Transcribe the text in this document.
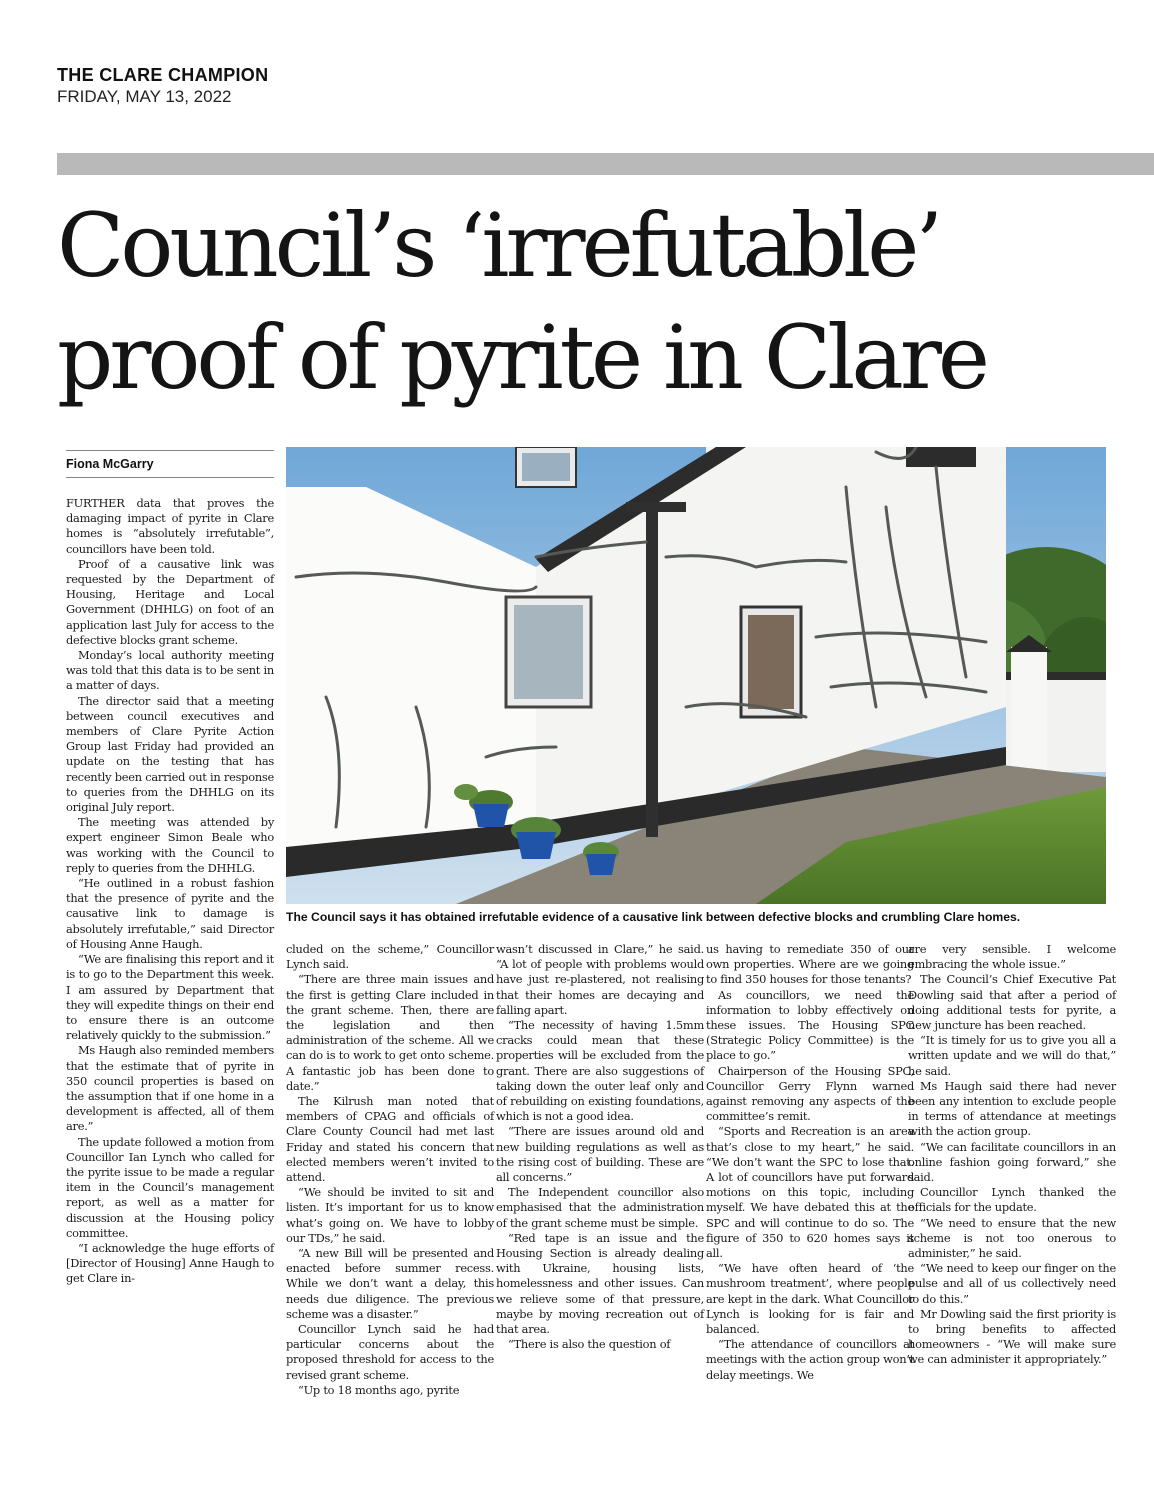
THE CLARE CHAMPION
FRIDAY, MAY 13, 2022
Council’s ‘irrefutable’
proof of pyrite in Clare
Fiona McGarry
The Council says it has obtained irrefutable evidence of a causative link between defective blocks and crumbling Clare homes.

FURTHER data that proves the damaging impact of pyrite in Clare homes is “absolutely irrefutable”, councillors have been told.

Proof of a causative link was requested by the Department of Housing, Heritage and Local Government (DHHLG) on foot of an application last July for access to the defective blocks grant scheme.

Monday’s local authority meeting was told that this data is to be sent in a matter of days.

The director said that a meeting between council executives and members of Clare Pyrite Action Group last Friday had provided an update on the testing that has recently been carried out in response to queries from the DHHLG on its original July report.

The meeting was attended by expert engineer Simon Beale who was working with the Council to reply to queries from the DHHLG.

“He outlined in a robust fashion that the presence of pyrite and the causative link to damage is absolutely irrefutable,” said Director of Housing Anne Haugh.

“We are finalising this report and it is to go to the Department this week. I am assured by Department that they will expedite things on their end to ensure there is an outcome relatively quickly to the submission.”

Ms Haugh also reminded members that the estimate that of pyrite in 350 council properties is based on the assumption that if one home in a development is affected, all of them are.”

The update followed a motion from Councillor Ian Lynch who called for the pyrite issue to be made a regular item in the Council’s management report, as well as a matter for discussion at the Housing policy committee.

“I acknowledge the huge efforts of [Director of Housing] Anne Haugh to get Clare in-

cluded on the scheme,” Councillor Lynch said.

“There are three main issues and the first is getting Clare included in the grant scheme. Then, there are the legislation and then administration of the scheme. All we can do is to work to get onto scheme. A fantastic job has been done to date.”

The Kilrush man noted that members of CPAG and officials of Clare County Council had met last Friday and stated his concern that elected members weren’t invited to attend.

“We should be invited to sit and listen. It’s important for us to know what’s going on. We have to lobby our TDs,” he said.

“A new Bill will be presented and enacted before summer recess. While we don’t want a delay, this needs due diligence. The previous scheme was a disaster.”

Councillor Lynch said he had particular concerns about the proposed threshold for access to the revised grant scheme.

“Up to 18 months ago, pyrite

wasn’t discussed in Clare,” he said. “A lot of people with problems would have just re-plastered, not realising that their homes are decaying and falling apart.

“The necessity of having 1.5mm cracks could mean that these properties will be excluded from the grant. There are also suggestions of taking down the outer leaf only and of rebuilding on existing foundations, which is not a good idea.

“There are issues around old and new building regulations as well as the rising cost of building. These are all concerns.”

The Independent councillor also emphasised that the administration of the grant scheme must be simple.

“Red tape is an issue and the Housing Section is already dealing with Ukraine, housing lists, homelessness and other issues. Can we relieve some of that pressure, maybe by moving recreation out of that area.

“There is also the question of

us having to remediate 350 of our own properties. Where are we going to find 350 houses for those tenants?

As councillors, we need the information to lobby effectively on these issues. The Housing SPC (Strategic Policy Committee) is the place to go.”

Chairperson of the Housing SPC, Councillor Gerry Flynn warned against removing any aspects of the committee’s remit.

“Sports and Recreation is an area that’s close to my heart,” he said. “We don’t want the SPC to lose that. A lot of councillors have put forward motions on this topic, including myself. We have debated this at the SPC and will continue to do so. The figure of 350 to 620 homes says it all.

“We have often heard of ‘the mushroom treatment’, where people are kept in the dark. What Councillor Lynch is looking for is fair and balanced.

“The attendance of councillors at meetings with the action group won’t delay meetings. We

are very sensible. I welcome embracing the whole issue.”

The Council’s Chief Executive Pat Dowling said that after a period of doing additional tests for pyrite, a new juncture has been reached.

“It is timely for us to give you all a written update and we will do that,” he said.

Ms Haugh said there had never been any intention to exclude people in terms of attendance at meetings with the action group.

“We can facilitate councillors in an online fashion going forward,” she said.

Councillor Lynch thanked the officials for the update.

“We need to ensure that the new scheme is not too onerous to administer,” he said.

“We need to keep our finger on the pulse and all of us collectively need to do this.”

Mr Dowling said the first priority is to bring benefits to affected homeowners - “We will make sure we can administer it appropriately.”
